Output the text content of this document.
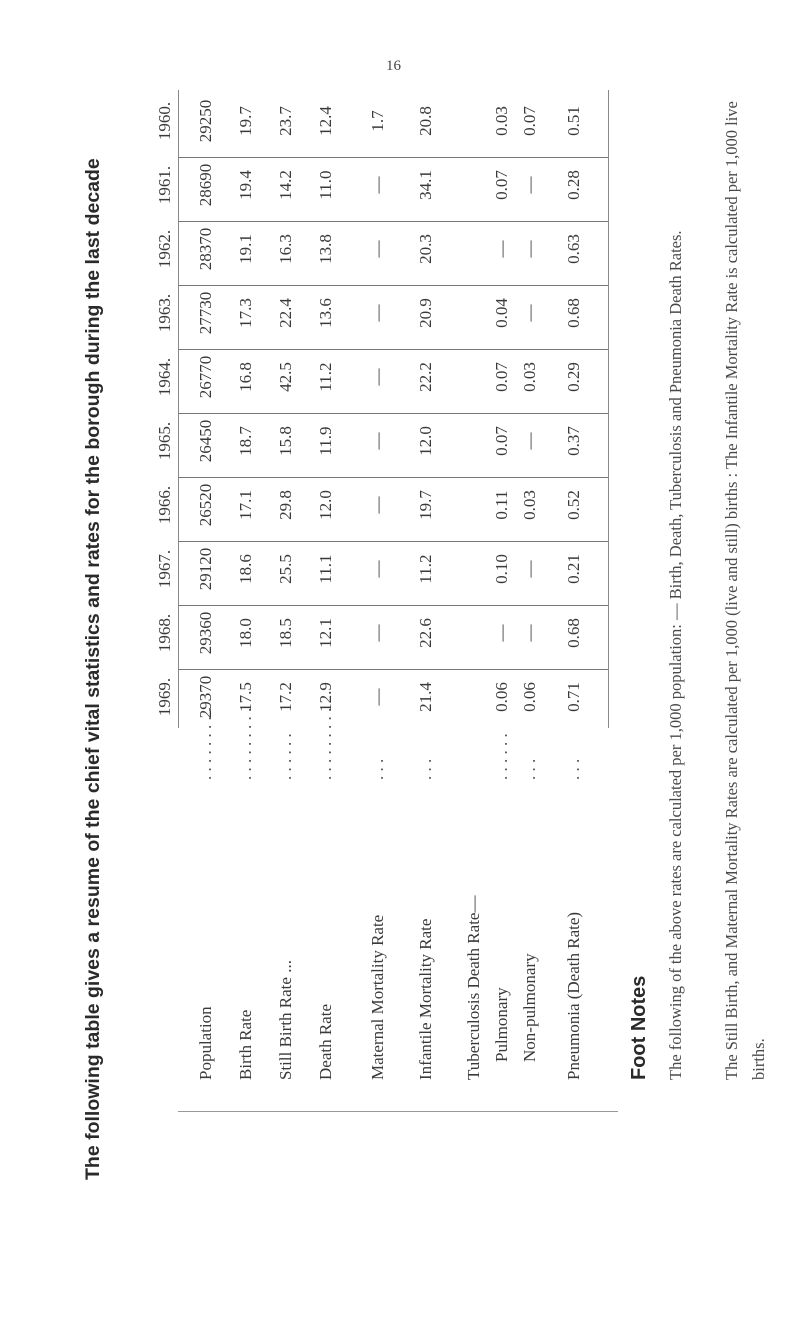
16
The following table gives a resume of the chief vital statistics and rates for the borough during the last decade	1969.
1968.
1967.
1966.
1965.
1964.
1963.
1962.
1961.
1960.
Population
. . . . . . . . .
29370
29360
29120
26520
26450
26770
27730
28370
28690
29250
Birth Rate
. . . . . . . . .
17.5
18.0
18.6
17.1
18.7
16.8
17.3
19.1
19.4
19.7
Still Birth Rate ...
. . . . . .
17.2
18.5
25.5
29.8
15.8
42.5
22.4
16.3
14.2
23.7
Death Rate
. . . . . . . . .
12.9
12.1
11.1
12.0
11.9
11.2
13.6
13.8
11.0
12.4
Maternal Mortality Rate
. . .
—
—
—
—
—
—
—
—
—
1.7
Infantile Mortality Rate
. . .
21.4
22.6
11.2
19.7
12.0
22.2
20.9
20.3
34.1
20.8
Tuberculosis Death Rate— Pulmonary
. . . . . .
0.06
—
0.10
0.11
0.07
0.07
0.04
—
0.07
0.03
Non-pulmonary
. . .
0.06
—
—
0.03
—
0.03
—
—
—
0.07
Pneumonia (Death Rate)
. . .
0.71
0.68
0.21
0.52
0.37
0.29
0.68
0.63
0.28
0.51
Foot Notes The following of the above rates are calculated per 1,000 population: — Birth, Death, Tuberculosis and Pneumonia Death Rates. The Still Birth, and Maternal Mortality Rates are calculated per 1,000 (live and still) births : The Infantile Mortality Rate is calculated per 1,000 live births.
